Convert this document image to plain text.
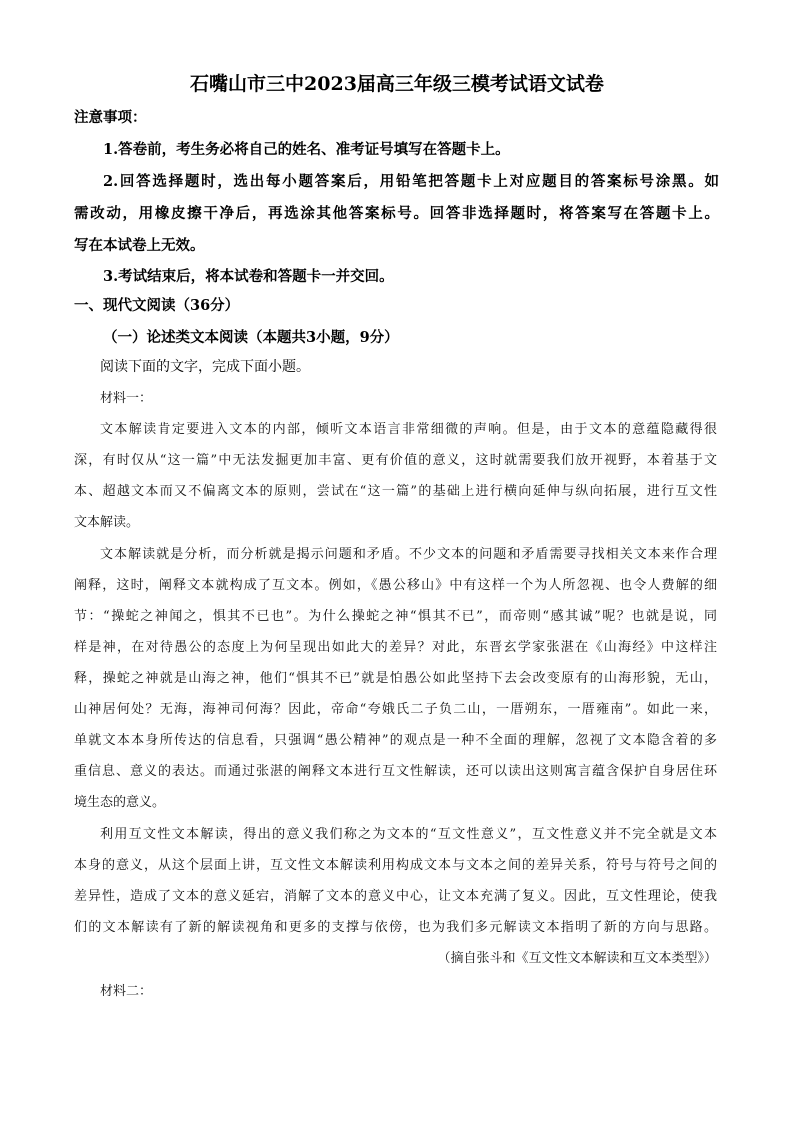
石嘴山市三中2023届高三年级三模考试语文试卷

注意事项：

1.答卷前，考生务必将自己的姓名、准考证号填写在答题卡上。

2.回答选择题时，选出每小题答案后，用铅笔把答题卡上对应题目的答案标号涂黑。如

需改动，用橡皮擦干净后，再选涂其他答案标号。回答非选择题时，将答案写在答题卡上。

写在本试卷上无效。

3.考试结束后，将本试卷和答题卡一并交回。

一、现代文阅读（36分）

（一）论述类文本阅读（本题共3小题，9分）

阅读下面的文字，完成下面小题。

材料一：

文本解读肯定要进入文本的内部，倾听文本语言非常细微的声响。但是，由于文本的意蕴隐藏得很

深，有时仅从“这一篇”中无法发掘更加丰富、更有价值的意义，这时就需要我们放开视野，本着基于文

本、超越文本而又不偏离文本的原则，尝试在“这一篇”的基础上进行横向延伸与纵向拓展，进行互文性

文本解读。

文本解读就是分析，而分析就是揭示问题和矛盾。不少文本的问题和矛盾需要寻找相关文本来作合理

阐释，这时，阐释文本就构成了互文本。例如，《愚公移山》中有这样一个为人所忽视、也令人费解的细

节：“操蛇之神闻之，惧其不已也”。为什么操蛇之神“惧其不已”，而帝则“感其诚”呢？也就是说，同

样是神，在对待愚公的态度上为何呈现出如此大的差异？对此，东晋玄学家张湛在《山海经》中这样注

释，操蛇之神就是山海之神，他们“惧其不已”就是怕愚公如此坚持下去会改变原有的山海形貌，无山，

山神居何处？无海，海神司何海？因此，帝命“夸娥氏二子负二山，一厝朔东，一厝雍南”。如此一来，

单就文本本身所传达的信息看，只强调“愚公精神”的观点是一种不全面的理解，忽视了文本隐含着的多

重信息、意义的表达。而通过张湛的阐释文本进行互文性解读，还可以读出这则寓言蕴含保护自身居住环

境生态的意义。

利用互文性文本解读，得出的意义我们称之为文本的“互文性意义”，互文性意义并不完全就是文本

本身的意义，从这个层面上讲，互文性文本解读利用构成文本与文本之间的差异关系，符号与符号之间的

差异性，造成了文本的意义延宕，消解了文本的意义中心，让文本充满了复义。因此，互文性理论，使我

们的文本解读有了新的解读视角和更多的支撑与依傍，也为我们多元解读文本指明了新的方向与思路。

（摘自张斗和《互文性文本解读和互文本类型》）

材料二：
